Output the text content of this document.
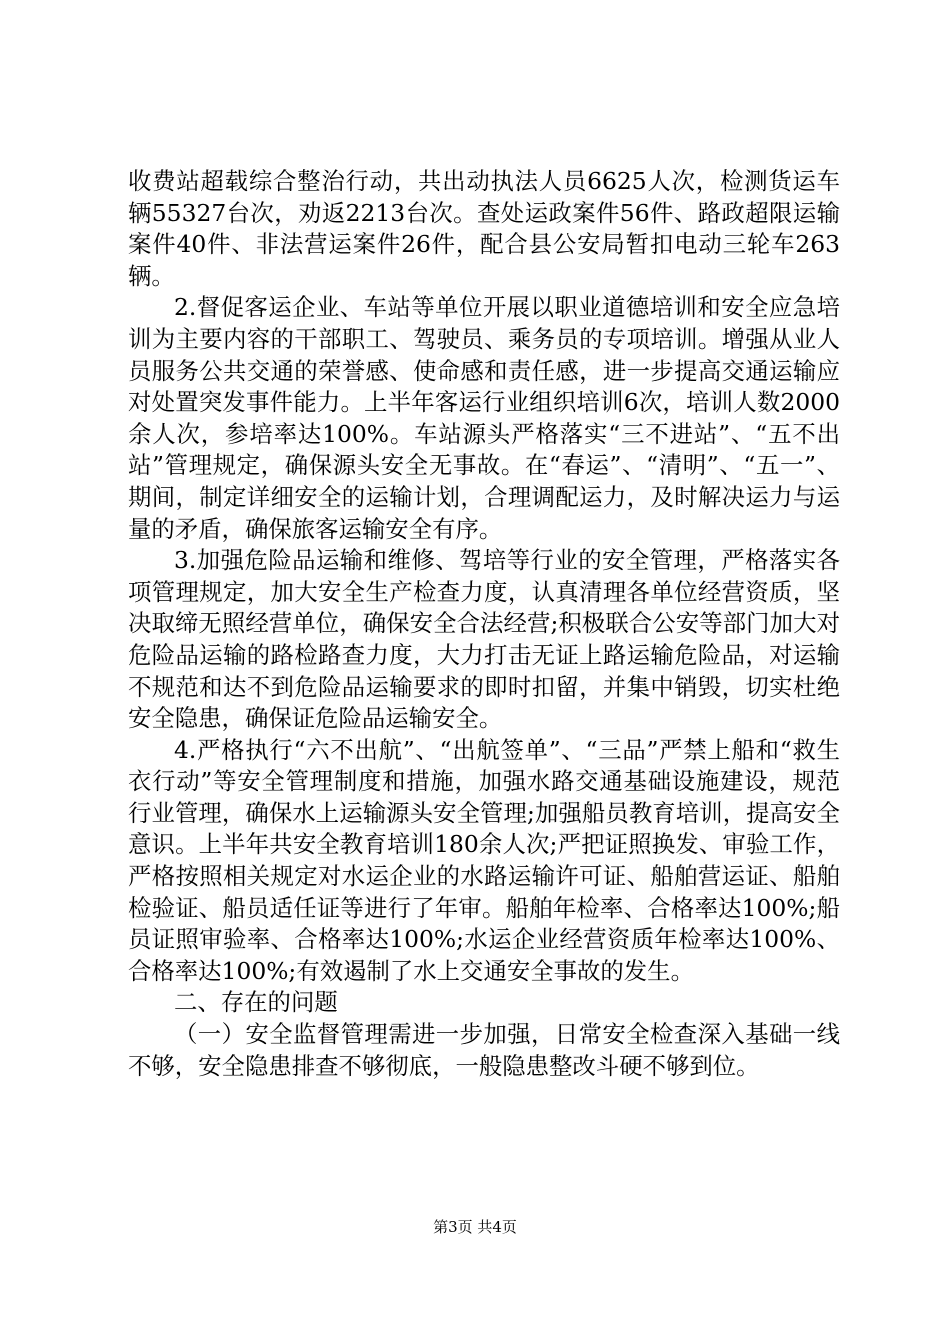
收费站超载综合整治行动，共出动执法人员6625人次，检测货运车辆55327台次，劝返2213台次。查处运政案件56件、路政超限运输案件40件、非法营运案件26件，配合县公安局暂扣电动三轮车263辆。

2.督促客运企业、车站等单位开展以职业道德培训和安全应急培训为主要内容的干部职工、驾驶员、乘务员的专项培训。增强从业人员服务公共交通的荣誉感、使命感和责任感，进一步提高交通运输应对处置突发事件能力。上半年客运行业组织培训6次，培训人数2000余人次，参培率达100%。车站源头严格落实“三不进站”、“五不出站”管理规定，确保源头安全无事故。在“春运”、“清明”、“五一”、期间，制定详细安全的运输计划，合理调配运力，及时解决运力与运量的矛盾，确保旅客运输安全有序。

3.加强危险品运输和维修、驾培等行业的安全管理，严格落实各项管理规定，加大安全生产检查力度，认真清理各单位经营资质，坚决取缔无照经营单位，确保安全合法经营;积极联合公安等部门加大对危险品运输的路检路查力度，大力打击无证上路运输危险品，对运输不规范和达不到危险品运输要求的即时扣留，并集中销毁，切实杜绝安全隐患，确保证危险品运输安全。

4.严格执行“六不出航”、“出航签单”、“三品”严禁上船和“救生衣行动”等安全管理制度和措施，加强水路交通基础设施建设，规范行业管理，确保水上运输源头安全管理;加强船员教育培训，提高安全意识。上半年共安全教育培训180余人次;严把证照换发、审验工作，严格按照相关规定对水运企业的水路运输许可证、船舶营运证、船舶检验证、船员适任证等进行了年审。船舶年检率、合格率达100%;船员证照审验率、合格率达100%;水运企业经营资质年检率达100%、合格率达100%;有效遏制了水上交通安全事故的发生。

二、存在的问题

（一）安全监督管理需进一步加强，日常安全检查深入基础一线不够，安全隐患排查不够彻底，一般隐患整改斗硬不够到位。

第3页 共4页
